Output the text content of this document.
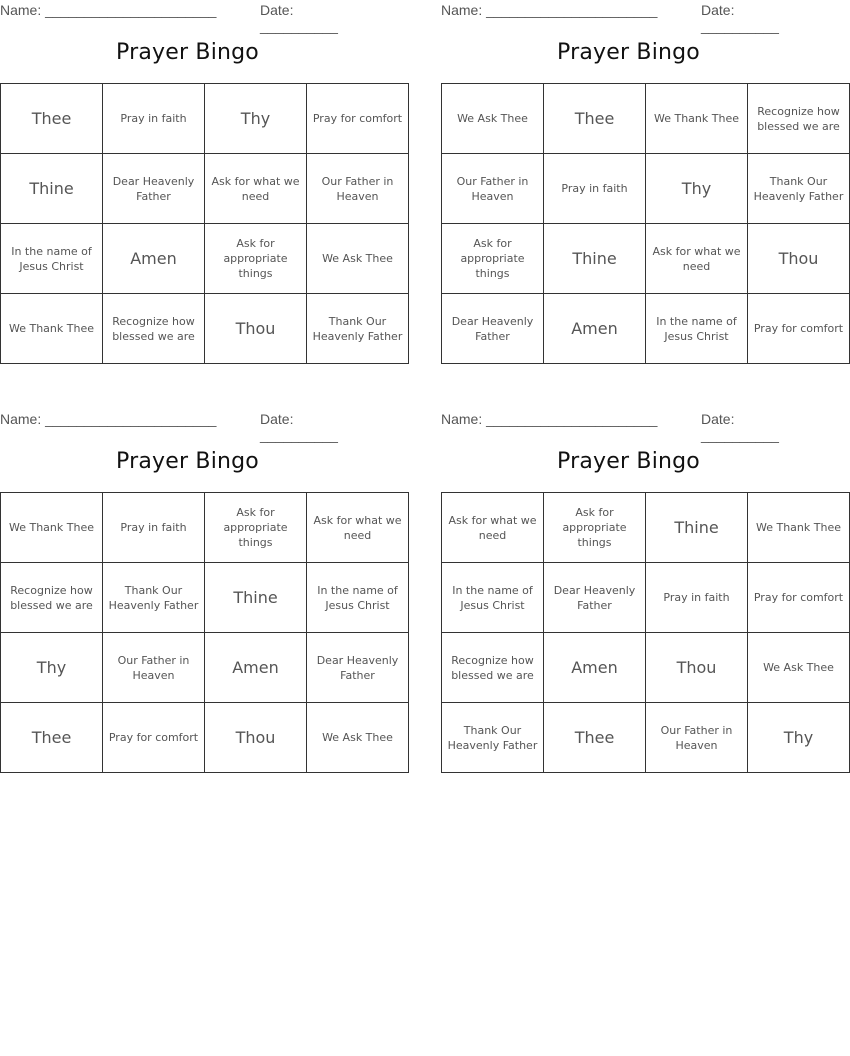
Name: ______________________	Date: __________
Prayer Bingo
Thee	Pray in faith	Thy	Pray for comfort
Thine	Dear Heavenly Father	Ask for what we need	Our Father in Heaven
In the name of Jesus Christ	Amen	Ask for appropriate things	We Ask Thee
We Thank Thee	Recognize how blessed we are	Thou	Thank Our Heavenly Father
Name: ______________________	Date: __________
Prayer Bingo
We Ask Thee	Thee	We Thank Thee	Recognize how blessed we are
Our Father in Heaven	Pray in faith	Thy	Thank Our Heavenly Father
Ask for appropriate things	Thine	Ask for what we need	Thou
Dear Heavenly Father	Amen	In the name of Jesus Christ	Pray for comfort
Name: ______________________	Date: __________
Prayer Bingo
We Thank Thee	Pray in faith	Ask for appropriate things	Ask for what we need
Recognize how blessed we are	Thank Our Heavenly Father	Thine	In the name of Jesus Christ
Thy	Our Father in Heaven	Amen	Dear Heavenly Father
Thee	Pray for comfort	Thou	We Ask Thee
Name: ______________________	Date: __________
Prayer Bingo
Ask for what we need	Ask for appropriate things	Thine	We Thank Thee
In the name of Jesus Christ	Dear Heavenly Father	Pray in faith	Pray for comfort
Recognize how blessed we are	Amen	Thou	We Ask Thee
Thank Our Heavenly Father	Thee	Our Father in Heaven	Thy
